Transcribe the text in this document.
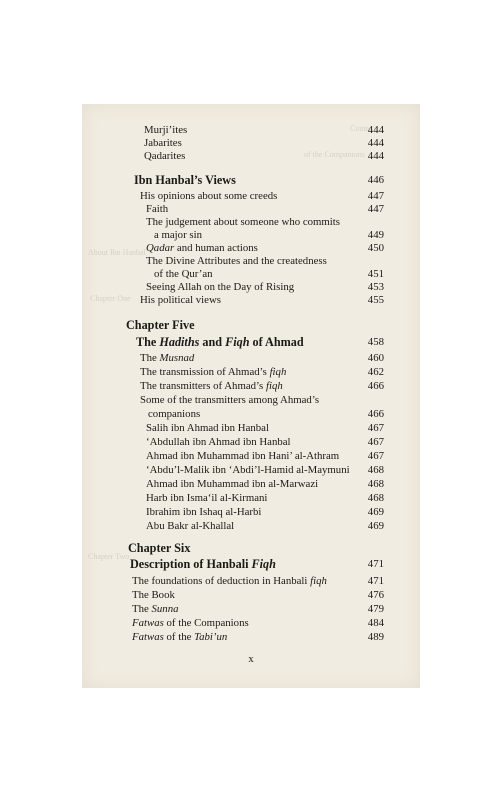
Conte
of the Companions
About Ibn Hanbal
Chapter One
Chapter Two
Murji’ites	444
Jabarites	444
Qadarites	444
Ibn Hanbal’s Views	446
His opinions about some creeds	447
Faith	447
The judgement about someone who commits
a major sin	449
Qadar and human actions	450
The Divine Attributes and the createdness
of the Qur’an	451
Seeing Allah on the Day of Rising	453
His political views	455
Chapter Five
The Hadiths and Fiqh of Ahmad	458
The Musnad	460
The transmission of Ahmad’s fiqh	462
The transmitters of Ahmad’s fiqh	466
Some of the transmitters among Ahmad’s
companions	466
Salih ibn Ahmad ibn Hanbal	467
‘Abdullah ibn Ahmad ibn Hanbal	467
Ahmad ibn Muhammad ibn Hani’ al-Athram	467
‘Abdu’l-Malik ibn ‘Abdi’l-Hamid al-Maymuni 468
Ahmad ibn Muhammad ibn al-Marwazi	468
Harb ibn Isma‘il al-Kirmani	468
Ibrahim ibn Ishaq al-Harbi	469
Abu Bakr al-Khallal	469
Chapter Six
Description of Hanbali Fiqh	471
The foundations of deduction in Hanbali fiqh	471
The Book	476
The Sunna	479
Fatwas of the Companions	484
Fatwas of the Tabi’un	489
x
